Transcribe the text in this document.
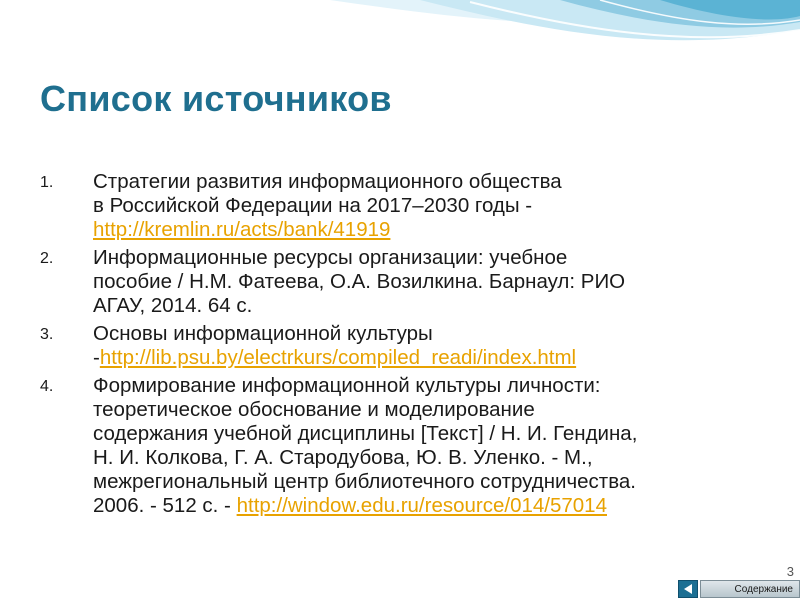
Список источников
1. Стратегии развития информационного общества
в Российской Федерации на 2017–2030 годы -
http://kremlin.ru/acts/bank/41919
2. Информационные ресурсы организации: учебное
пособие / Н.М. Фатеева, О.А. Возилкина. Барнаул: РИО
АГАУ, 2014. 64 с.
3. Основы информационной культуры
-http://lib.psu.by/electrkurs/compiled_readi/index.html
4. Формирование информационной культуры личности:
теоретическое обоснование и моделирование
содержания учебной дисциплины [Текст] / Н. И. Гендина,
Н. И. Колкова, Г. А. Стародубова, Ю. В. Уленко. - М.,
межрегиональный центр библиотечного сотрудничества.
2006. - 512 с. - http://window.edu.ru/resource/014/57014
3
Содержание
